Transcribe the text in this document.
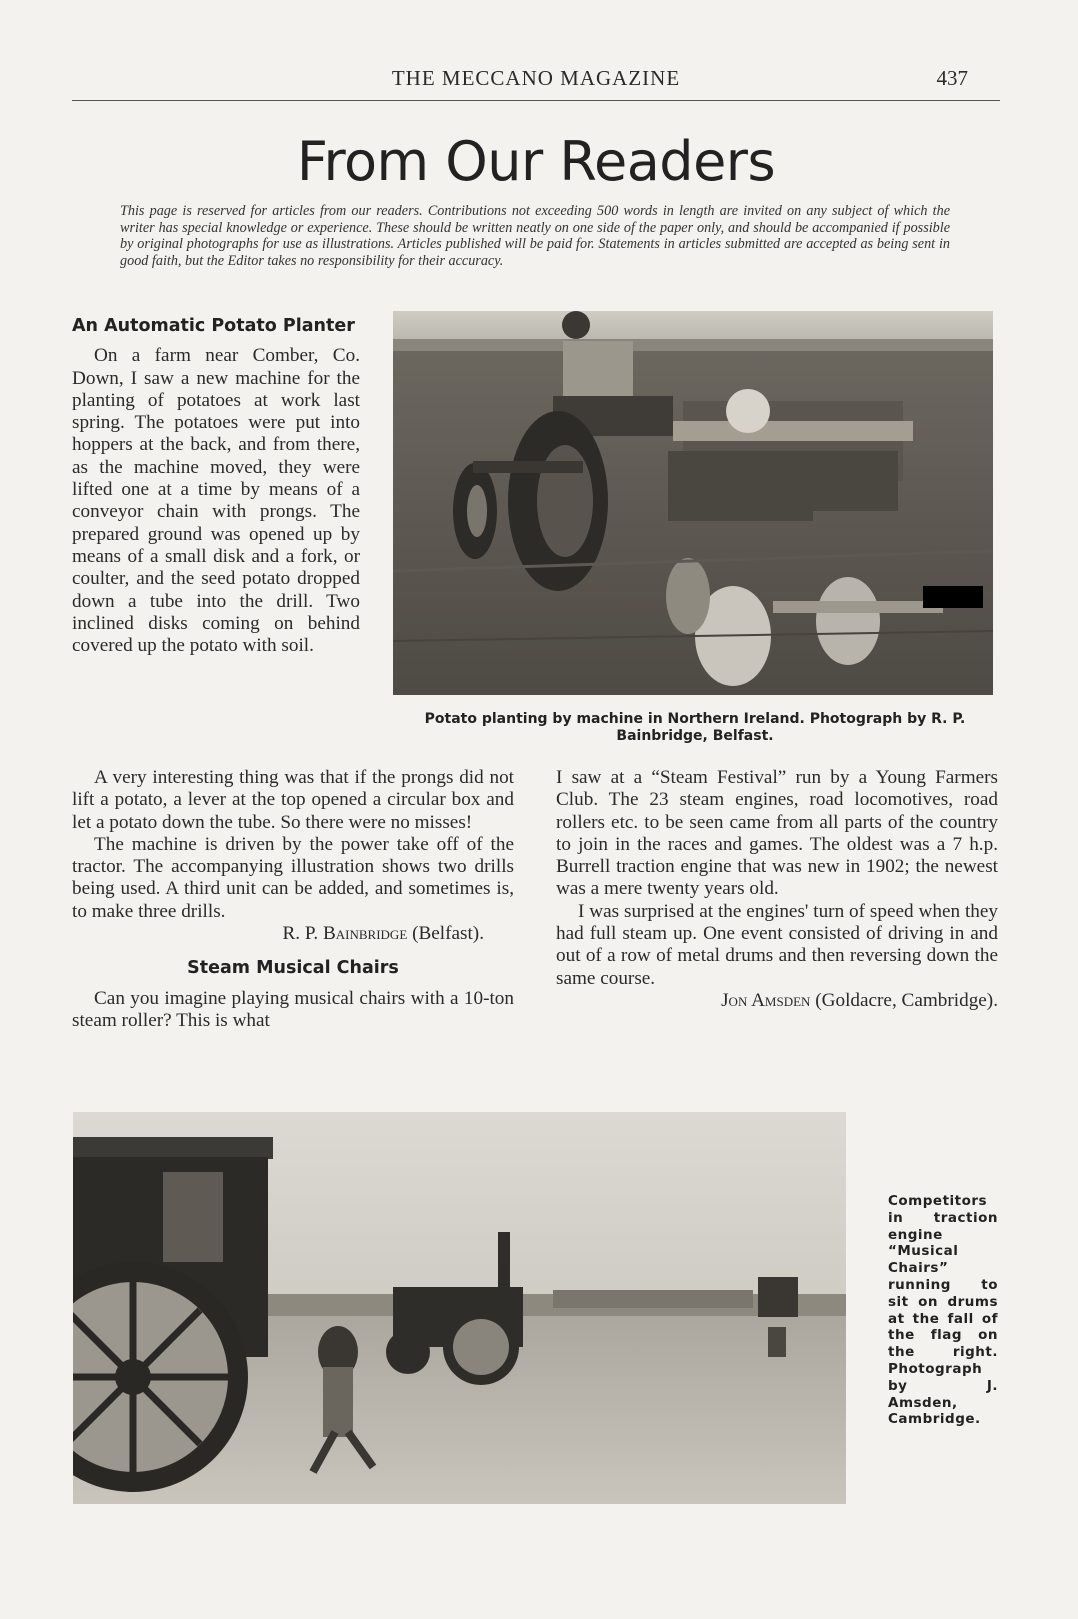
THE MECCANO MAGAZINE	437
From Our Readers
This page is reserved for articles from our readers. Contributions not exceeding 500 words in length are invited on any subject of which the writer has special knowledge or experience. These should be written neatly on one side of the paper only, and should be accompanied if possible by original photographs for use as illustrations. Articles published will be paid for. Statements in articles submitted are accepted as being sent in good faith, but the Editor takes no responsibility for their accuracy.
An Automatic Potato Planter

On a farm near Comber, Co. Down, I saw a new machine for the planting of potatoes at work last spring. The potatoes were put into hoppers at the back, and from there, as the machine moved, they were lifted one at a time by means of a conveyor chain with prongs. The prepared ground was opened up by means of a small disk and a fork, or coulter, and the seed potato dropped down a tube into the drill. Two inclined disks coming on behind covered up the potato with soil.

Potato planting by machine in Northern Ireland. Photograph by R. P. Bainbridge, Belfast.

A very interesting thing was that if the prongs did not lift a potato, a lever at the top opened a circular box and let a potato down the tube. So there were no misses!

The machine is driven by the power take off of the tractor. The accompanying illustration shows two drills being used. A third unit can be added, and sometimes is, to make three drills.

R. P. Bainbridge (Belfast).

Steam Musical Chairs

Can you imagine playing musical chairs with a 10-ton steam roller? This is what

I saw at a “Steam Festival” run by a Young Farmers Club. The 23 steam engines, road locomotives, road rollers etc. to be seen came from all parts of the country to join in the races and games. The oldest was a 7 h.p. Burrell traction engine that was new in 1902; the newest was a mere twenty years old.

I was surprised at the engines' turn of speed when they had full steam up. One event consisted of driving in and out of a row of metal drums and then reversing down the same course.

Jon Amsden (Goldacre, Cambridge).

Competitors in traction engine “Musical Chairs” running to sit on drums at the fall of the flag on the right. Photograph by J. Amsden, Cambridge.
